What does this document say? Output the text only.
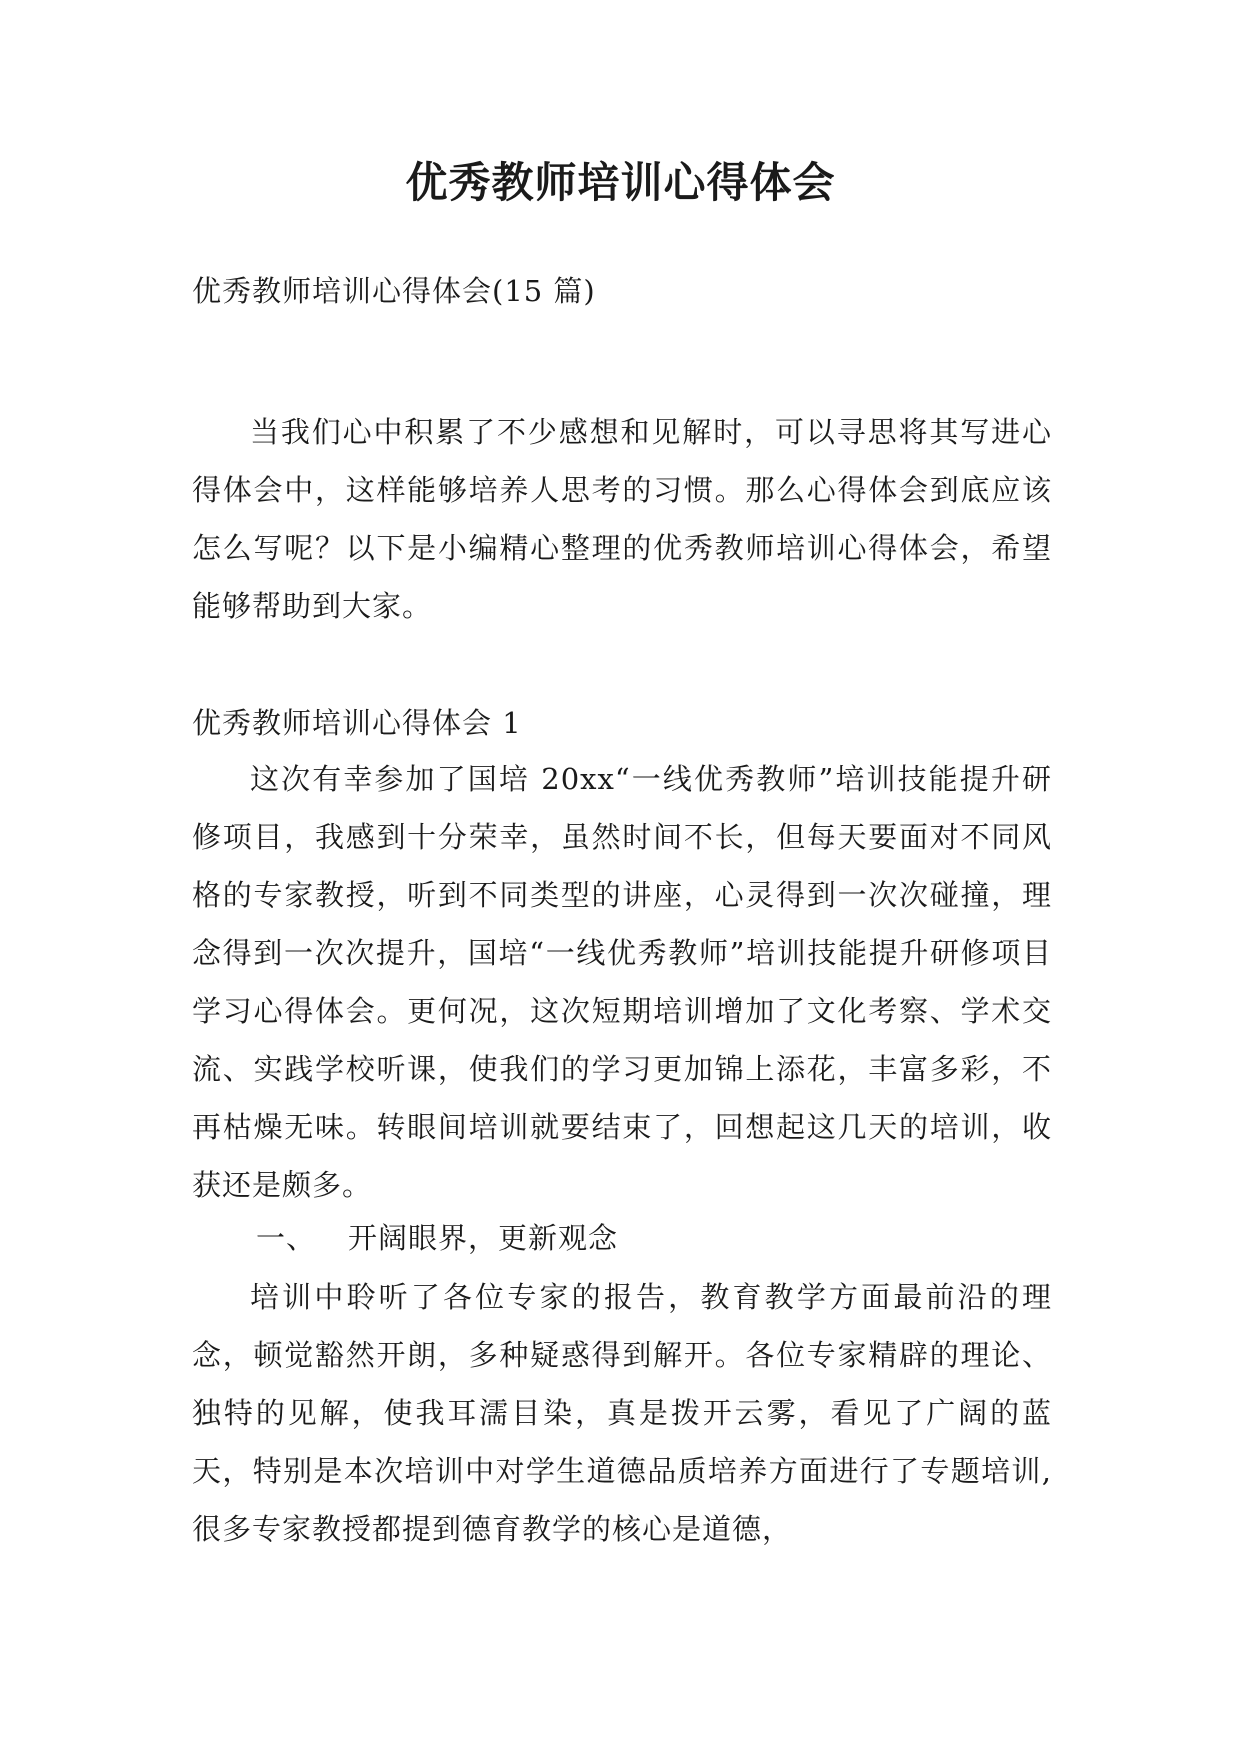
优秀教师培训心得体会

优秀教师培训心得体会(15 篇)

当我们心中积累了不少感想和见解时，可以寻思将其写进心得体会中，这样能够培养人思考的习惯。那么心得体会到底应该怎么写呢？以下是小编精心整理的优秀教师培训心得体会，希望能够帮助到大家。

优秀教师培训心得体会 1

这次有幸参加了国培 20xx“一线优秀教师”培训技能提升研修项目，我感到十分荣幸，虽然时间不长，但每天要面对不同风格的专家教授，听到不同类型的讲座，心灵得到一次次碰撞，理念得到一次次提升，国培“一线优秀教师”培训技能提升研修项目学习心得体会。更何况，这次短期培训增加了文化考察、学术交流、实践学校听课，使我们的学习更加锦上添花，丰富多彩，不再枯燥无味。转眼间培训就要结束了，回想起这几天的培训，收获还是颇多。

一、 开阔眼界，更新观念

培训中聆听了各位专家的报告，教育教学方面最前沿的理念，顿觉豁然开朗，多种疑惑得到解开。各位专家精辟的理论、独特的见解，使我耳濡目染，真是拨开云雾，看见了广阔的蓝天，特别是本次培训中对学生道德品质培养方面进行了专题培训,很多专家教授都提到德育教学的核心是道德，
